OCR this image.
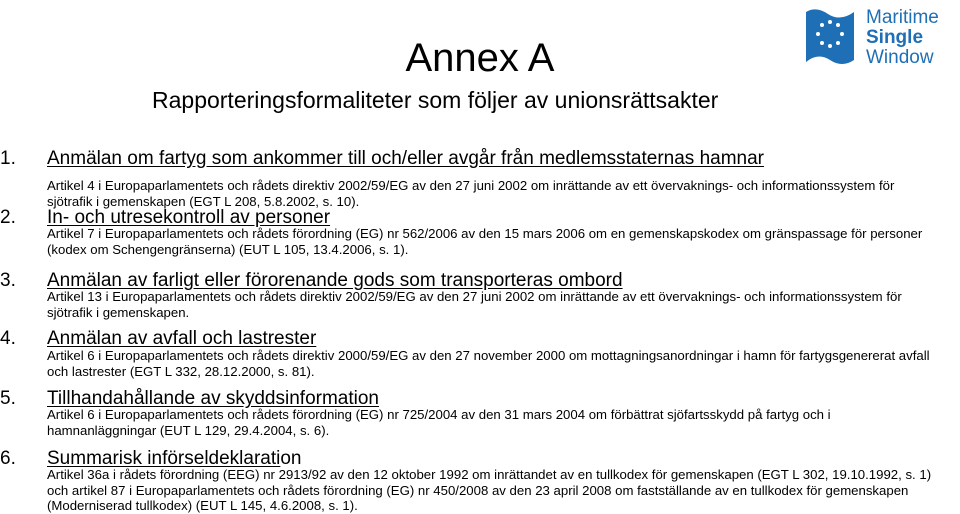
Annex A
Rapporteringsformaliteter som följer av unionsrättsakter
Maritime
Single
Window
1. Anmälan om fartyg som ankommer till och/eller avgår från medlemsstaternas hamnar
Artikel 4 i Europaparlamentets och rådets direktiv 2002/59/EG av den 27 juni 2002 om inrättande av ett övervaknings- och informationssystem för sjötrafik i gemenskapen (EGT L 208, 5.8.2002, s. 10).
2. In- och utresekontroll av personer
Artikel 7 i Europaparlamentets och rådets förordning (EG) nr 562/2006 av den 15 mars 2006 om en gemenskapskodex om gränspassage för personer (kodex om Schengengränserna) (EUT L 105, 13.4.2006, s. 1).
3. Anmälan av farligt eller förorenande gods som transporteras ombord
Artikel 13 i Europaparlamentets och rådets direktiv 2002/59/EG av den 27 juni 2002 om inrättande av ett övervaknings- och informationssystem för sjötrafik i gemenskapen.
4. Anmälan av avfall och lastrester
Artikel 6 i Europaparlamentets och rådets direktiv 2000/59/EG av den 27 november 2000 om mottagningsanordningar i hamn för fartygsgenererat avfall och lastrester (EGT L 332, 28.12.2000, s. 81).
5. Tillhandahållande av skyddsinformation
Artikel 6 i Europaparlamentets och rådets förordning (EG) nr 725/2004 av den 31 mars 2004 om förbättrat sjöfartsskydd på fartyg och i hamnanläggningar (EUT L 129, 29.4.2004, s. 6).
6. Summarisk införseldeklaration
Artikel 36a i rådets förordning (EEG) nr 2913/92 av den 12 oktober 1992 om inrättandet av en tullkodex för gemenskapen (EGT L 302, 19.10.1992, s. 1) och artikel 87 i Europaparlamentets och rådets förordning (EG) nr 450/2008 av den 23 april 2008 om fastställande av en tullkodex för gemenskapen (Moderniserad tullkodex) (EUT L 145, 4.6.2008, s. 1).
